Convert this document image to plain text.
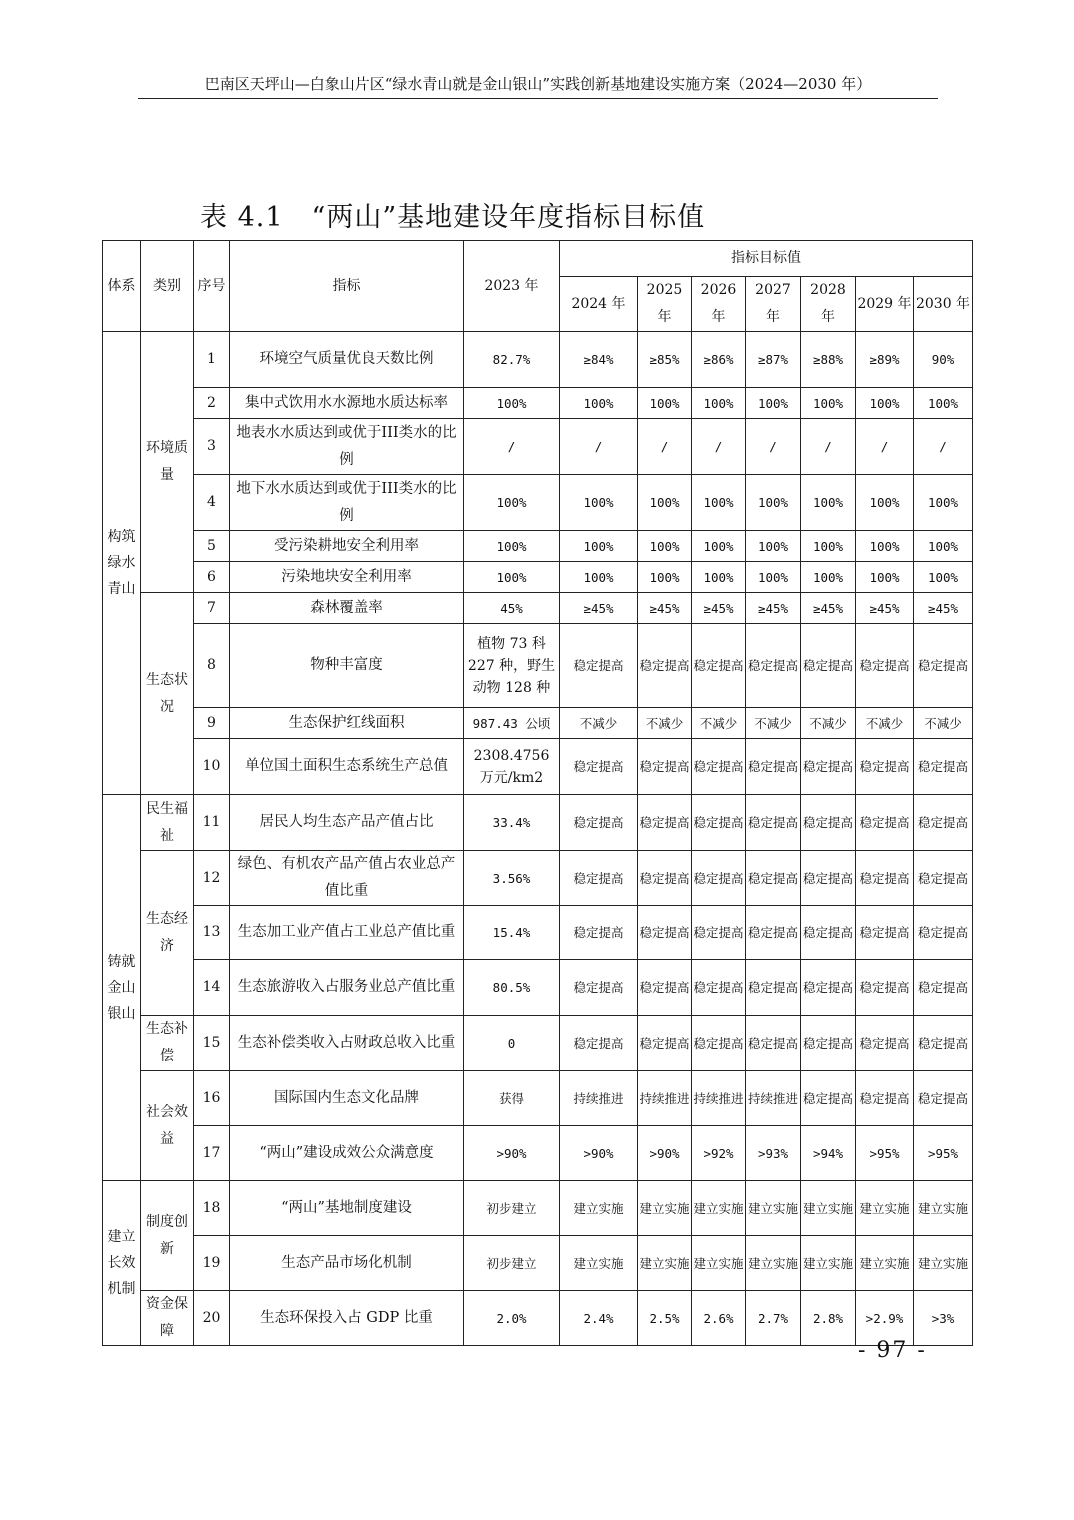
巴南区天坪山—白象山片区“绿水青山就是金山银山”实践创新基地建设实施方案（2024—2030 年）
表 4.1　“两山”基地建设年度指标目标值
体系	类别	序号	指标	2023 年	指标目标值						
					2024 年	2025 年	2026 年	2027 年	2028 年	2029 年	2030 年
构筑绿水青山	环境质量	1	环境空气质量优良天数比例	82.7%	≥84%	≥85%	≥86%	≥87%	≥88%	≥89%	90%
		2	集中式饮用水水源地水质达标率	100%	100%	100%	100%	100%	100%	100%	100%
		3	地表水水质达到或优于III类水的比例	/	/	/	/	/	/	/	/
		4	地下水水质达到或优于III类水的比例	100%	100%	100%	100%	100%	100%	100%	100%
		5	受污染耕地安全利用率	100%	100%	100%	100%	100%	100%	100%	100%
		6	污染地块安全利用率	100%	100%	100%	100%	100%	100%	100%	100%
	生态状况	7	森林覆盖率	45%	≥45%	≥45%	≥45%	≥45%	≥45%	≥45%	≥45%
		8	物种丰富度	植物 73 科 227 种，野生动物 128 种	稳定提高	稳定提高	稳定提高	稳定提高	稳定提高	稳定提高	稳定提高
		9	生态保护红线面积	987.43 公顷	不减少	不减少	不减少	不减少	不减少	不减少	不减少
		10	单位国土面积生态系统生产总值	2308.4756 万元/km2	稳定提高	稳定提高	稳定提高	稳定提高	稳定提高	稳定提高	稳定提高
铸就金山银山	民生福祉	11	居民人均生态产品产值占比	33.4%	稳定提高	稳定提高	稳定提高	稳定提高	稳定提高	稳定提高	稳定提高
	生态经济	12	绿色、有机农产品产值占农业总产值比重	3.56%	稳定提高	稳定提高	稳定提高	稳定提高	稳定提高	稳定提高	稳定提高
		13	生态加工业产值占工业总产值比重	15.4%	稳定提高	稳定提高	稳定提高	稳定提高	稳定提高	稳定提高	稳定提高
		14	生态旅游收入占服务业总产值比重	80.5%	稳定提高	稳定提高	稳定提高	稳定提高	稳定提高	稳定提高	稳定提高
	生态补偿	15	生态补偿类收入占财政总收入比重	0	稳定提高	稳定提高	稳定提高	稳定提高	稳定提高	稳定提高	稳定提高
	社会效益	16	国际国内生态文化品牌	获得	持续推进	持续推进	持续推进	持续推进	稳定提高	稳定提高	稳定提高
		17	“两山”建设成效公众满意度	>90%	>90%	>90%	>92%	>93%	>94%	>95%	>95%
建立长效机制	制度创新	18	“两山”基地制度建设	初步建立	建立实施	建立实施	建立实施	建立实施	建立实施	建立实施	建立实施
		19	生态产品市场化机制	初步建立	建立实施	建立实施	建立实施	建立实施	建立实施	建立实施	建立实施
	资金保障	20	生态环保投入占 GDP 比重	2.0%	2.4%	2.5%	2.6%	2.7%	2.8%	>2.9%	>3%
- 97 -
